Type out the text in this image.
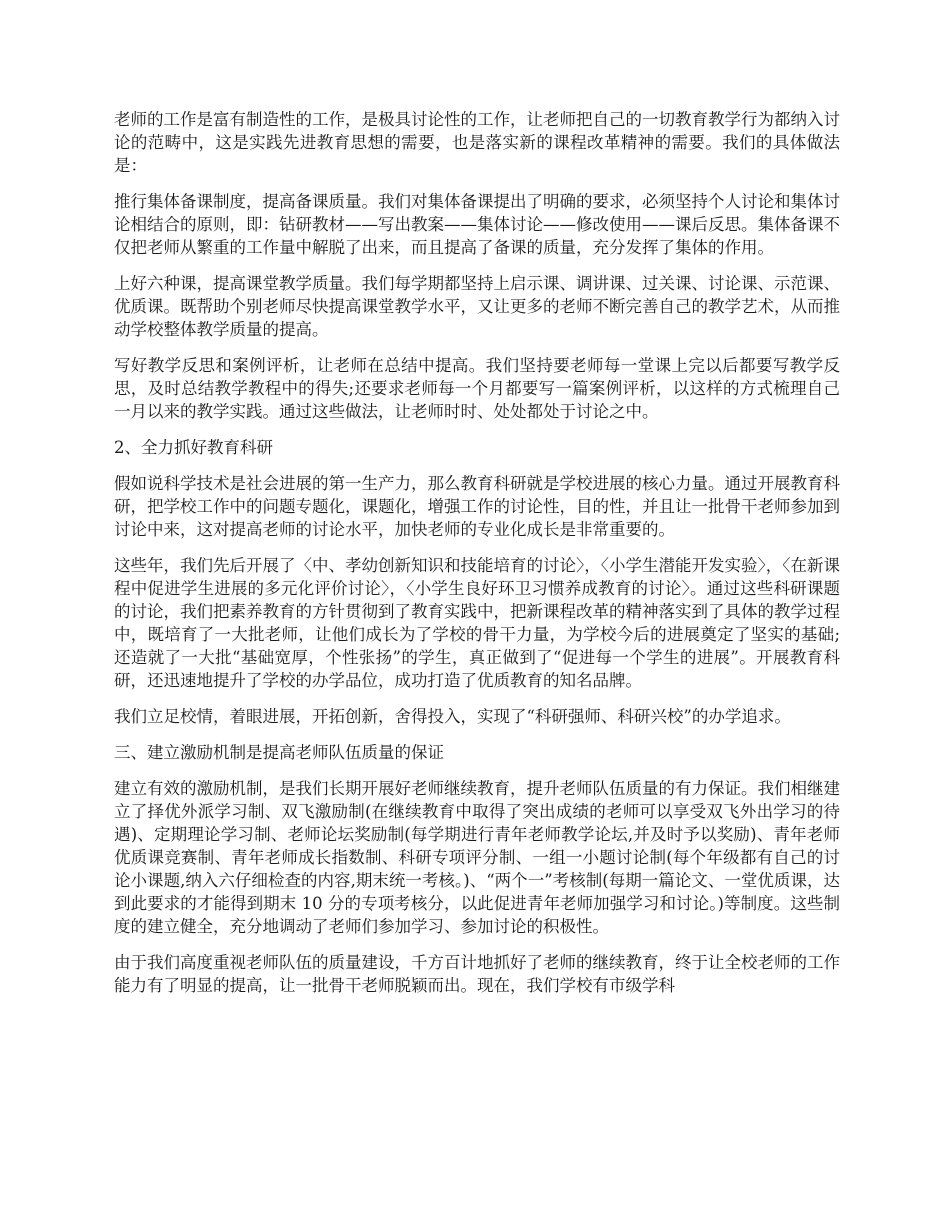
老师的工作是富有制造性的工作，是极具讨论性的工作，让老师把自己的一切教育教学行为都纳入讨论的范畴中，这是实践先进教育思想的需要，也是落实新的课程改革精神的需要。我们的具体做法是：

推行集体备课制度，提高备课质量。我们对集体备课提出了明确的要求，必须坚持个人讨论和集体讨论相结合的原则，即：钻研教材——写出教案——集体讨论——修改使用——课后反思。集体备课不仅把老师从繁重的工作量中解脱了出来，而且提高了备课的质量，充分发挥了集体的作用。

上好六种课，提高课堂教学质量。我们每学期都坚持上启示课、调讲课、过关课、讨论课、示范课、优质课。既帮助个别老师尽快提高课堂教学水平，又让更多的老师不断完善自己的教学艺术，从而推动学校整体教学质量的提高。

写好教学反思和案例评析，让老师在总结中提高。我们坚持要老师每一堂课上完以后都要写教学反思，及时总结教学教程中的得失;还要求老师每一个月都要写一篇案例评析，以这样的方式梳理自己一月以来的教学实践。通过这些做法，让老师时时、处处都处于讨论之中。

2、全力抓好教育科研

假如说科学技术是社会进展的第一生产力，那么教育科研就是学校进展的核心力量。通过开展教育科研，把学校工作中的问题专题化，课题化，增强工作的讨论性，目的性，并且让一批骨干老师参加到讨论中来，这对提高老师的讨论水平，加快老师的专业化成长是非常重要的。

这些年，我们先后开展了〈中、孝幼创新知识和技能培育的讨论〉，〈小学生潜能开发实验〉，〈在新课程中促进学生进展的多元化评价讨论〉，〈小学生良好环卫习惯养成教育的讨论〉。通过这些科研课题的讨论，我们把素养教育的方针贯彻到了教育实践中，把新课程改革的精神落实到了具体的教学过程中，既培育了一大批老师，让他们成长为了学校的骨干力量，为学校今后的进展奠定了坚实的基础;还造就了一大批“基础宽厚，个性张扬”的学生，真正做到了“促进每一个学生的进展”。开展教育科研，还迅速地提升了学校的办学品位，成功打造了优质教育的知名品牌。

我们立足校情，着眼进展，开拓创新，舍得投入，实现了“科研强师、科研兴校”的办学追求。

三、建立激励机制是提高老师队伍质量的保证

建立有效的激励机制，是我们长期开展好老师继续教育，提升老师队伍质量的有力保证。我们相继建立了择优外派学习制、双飞激励制(在继续教育中取得了突出成绩的老师可以享受双飞外出学习的待遇)、定期理论学习制、老师论坛奖励制(每学期进行青年老师教学论坛,并及时予以奖励)、青年老师优质课竞赛制、青年老师成长指数制、科研专项评分制、一组一小题讨论制(每个年级都有自己的讨论小课题,纳入六仔细检查的内容,期末统一考核。)、“两个一”考核制(每期一篇论文、一堂优质课，达到此要求的才能得到期末 10 分的专项考核分，以此促进青年老师加强学习和讨论。)等制度。这些制度的建立健全，充分地调动了老师们参加学习、参加讨论的积极性。

由于我们高度重视老师队伍的质量建设，千方百计地抓好了老师的继续教育，终于让全校老师的工作能力有了明显的提高，让一批骨干老师脱颖而出。现在，我们学校有市级学科
